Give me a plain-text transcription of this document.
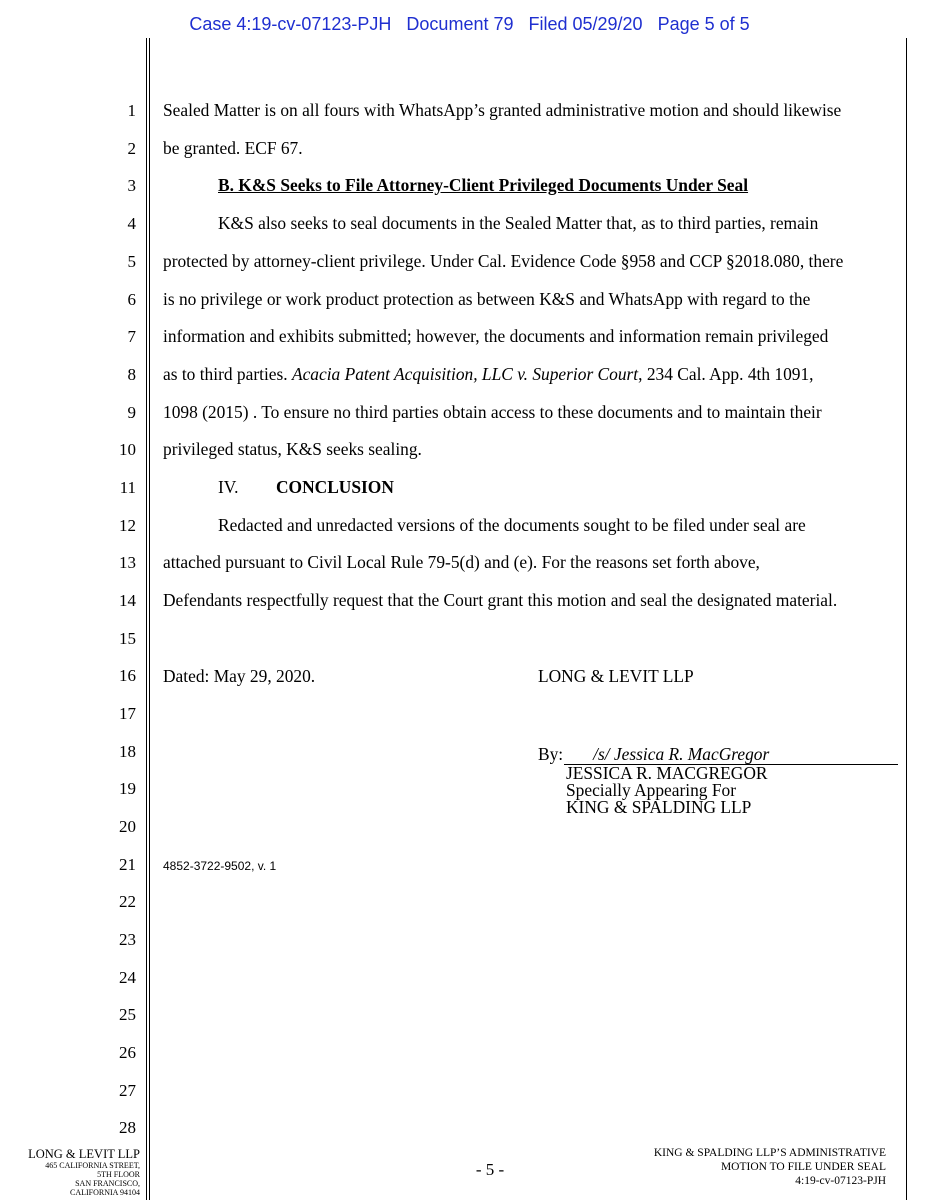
Case 4:19-cv-07123-PJH   Document 79   Filed 05/29/20   Page 5 of 5
1
2
3
4
5
6
7
8
9
10
11
12
13
14
15
16
17
18
19
20
21
22
23
24
25
26
27
28
Sealed Matter is on all fours with WhatsApp’s granted administrative motion and should likewise
be granted. ECF 67.
B. K&S Seeks to File Attorney-Client Privileged Documents Under Seal
K&S also seeks to seal documents in the Sealed Matter that, as to third parties, remain
protected by attorney-client privilege. Under Cal. Evidence Code §958 and CCP §2018.080, there
is no privilege or work product protection as between K&S and WhatsApp with regard to the
information and exhibits submitted; however, the documents and information remain privileged
as to third parties. Acacia Patent Acquisition, LLC v. Superior Court, 234 Cal. App. 4th 1091,
1098 (2015) . To ensure no third parties obtain access to these documents and to maintain their
privileged status, K&S seeks sealing.
IV. CONCLUSION
Redacted and unredacted versions of the documents sought to be filed under seal are
attached pursuant to Civil Local Rule 79-5(d) and (e). For the reasons set forth above,
Defendants respectfully request that the Court grant this motion and seal the designated material.
Dated: May 29, 2020.	LONG & LEVIT LLP
By: /s/ Jessica R. MacGregor
JESSICA R. MACGREGOR
Specially Appearing For
KING & SPALDING LLP
4852-3722-9502, v. 1
LONG & LEVIT LLP
465 CALIFORNIA STREET,
5TH FLOOR
SAN FRANCISCO,
CALIFORNIA 94104
- 5 -
KING & SPALDING LLP’S ADMINISTRATIVE
MOTION TO FILE UNDER SEAL
4:19-cv-07123-PJH
